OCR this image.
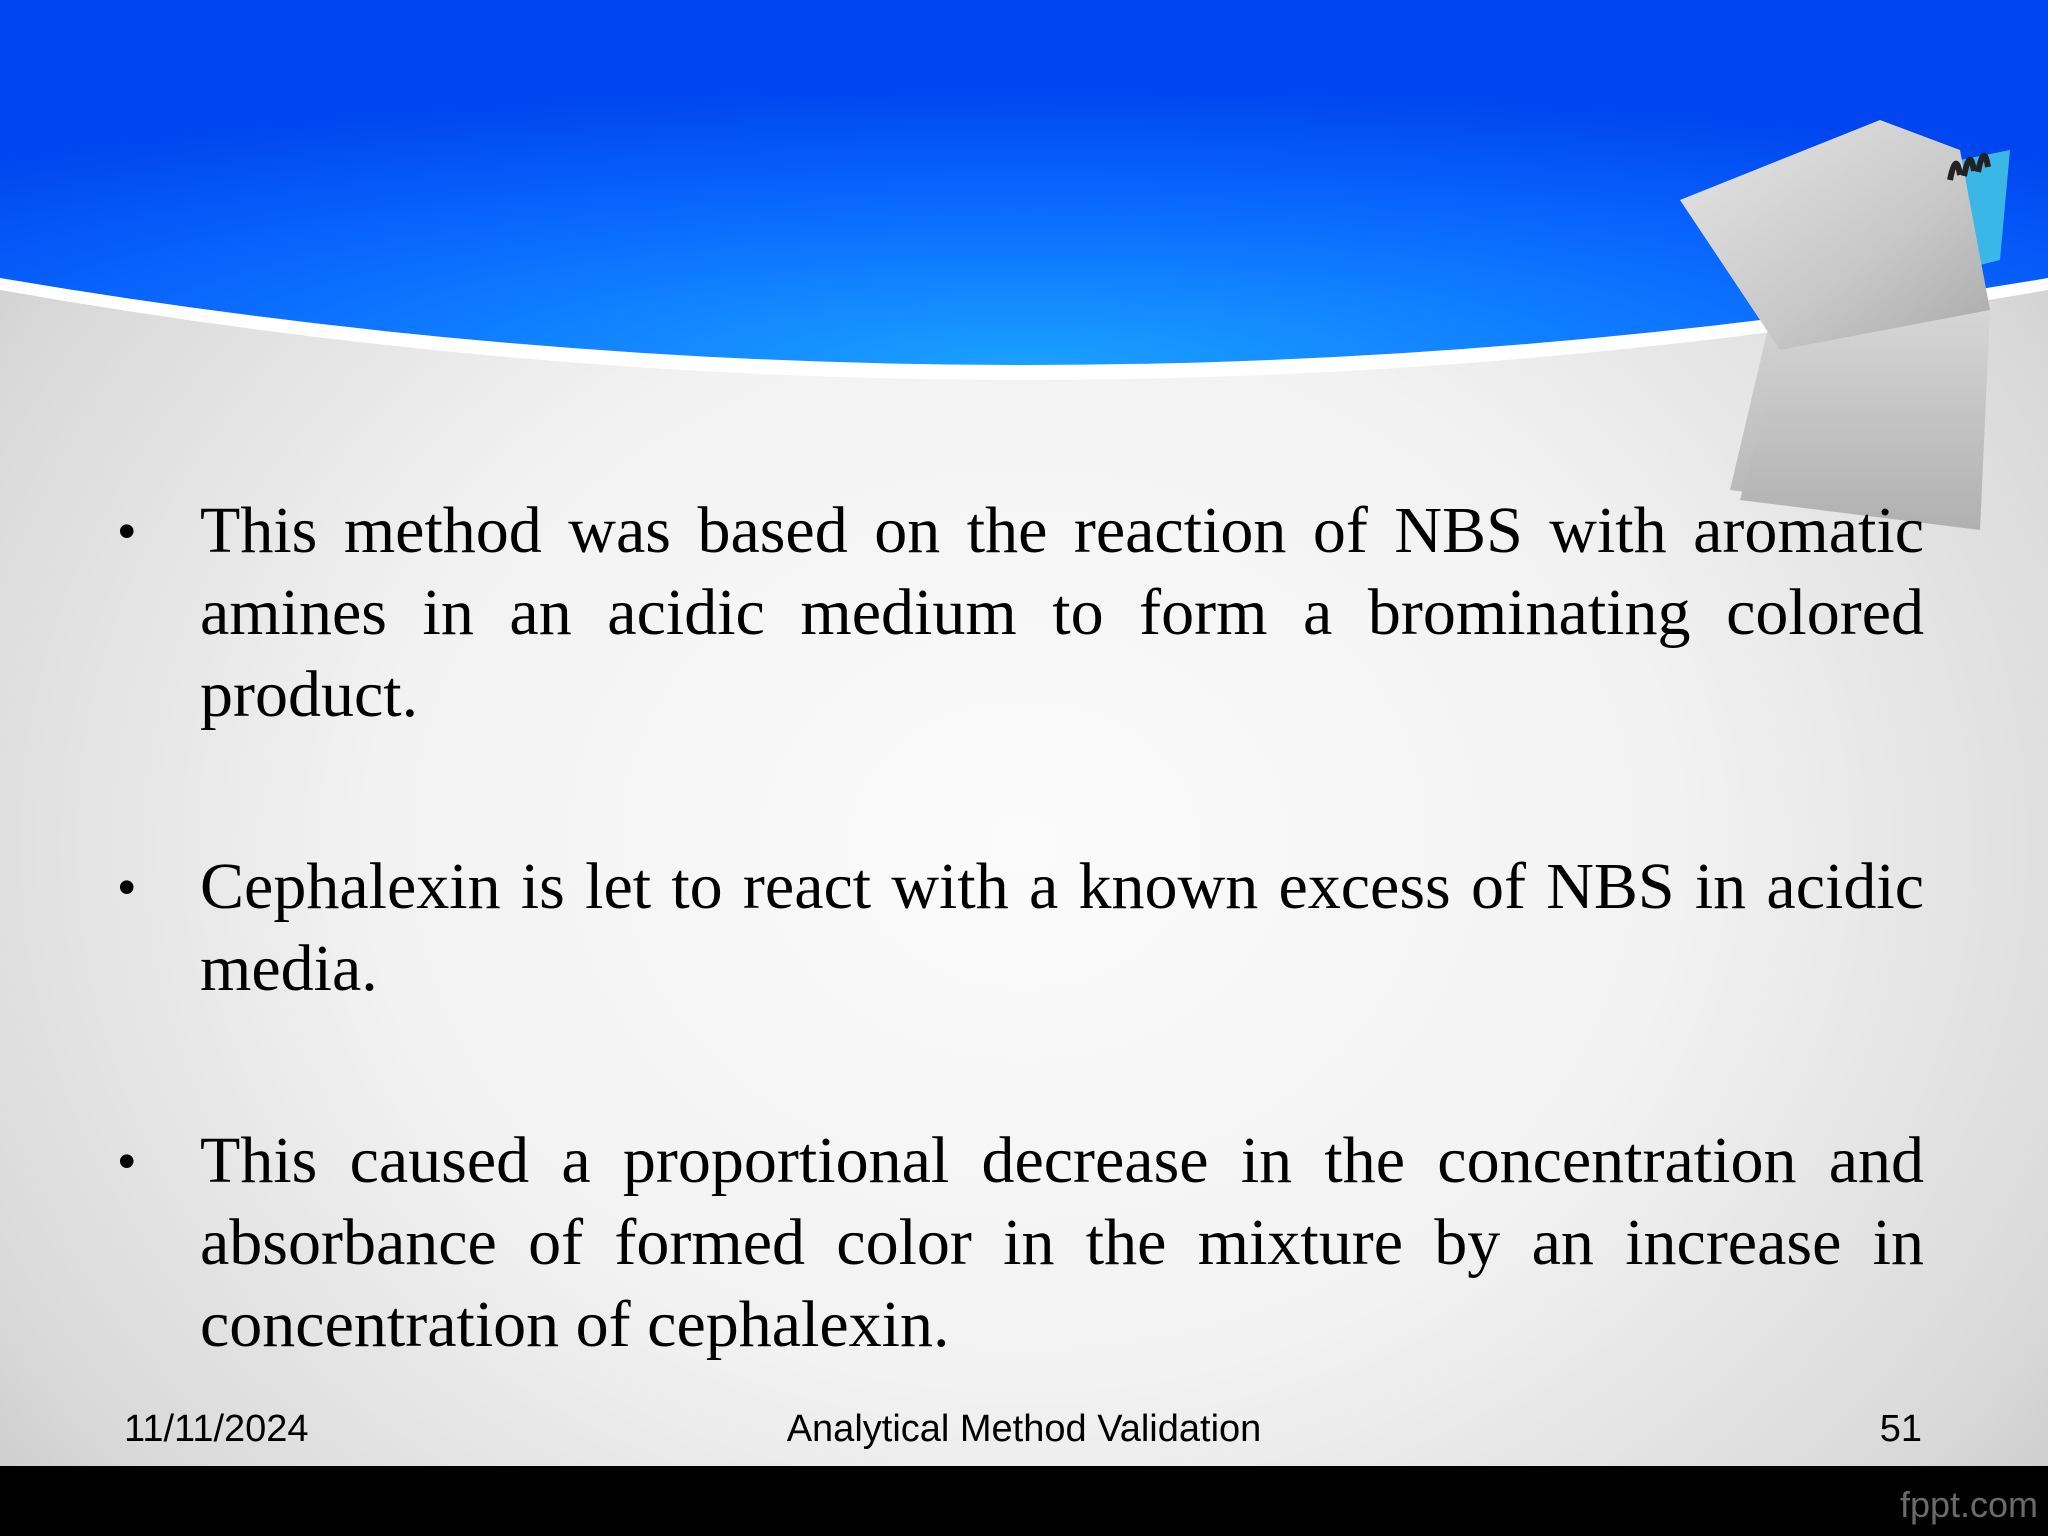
• This method was based on the reaction of NBS with aromatic amines in an acidic medium to form a brominating colored product.
• Cephalexin is let to react with a known excess of NBS in acidic media.
• This caused a proportional decrease in the concentration and absorbance of formed color in the mixture by an increase in concentration of cephalexin.
11/11/2024	Analytical Method Validation	51
fppt.com
